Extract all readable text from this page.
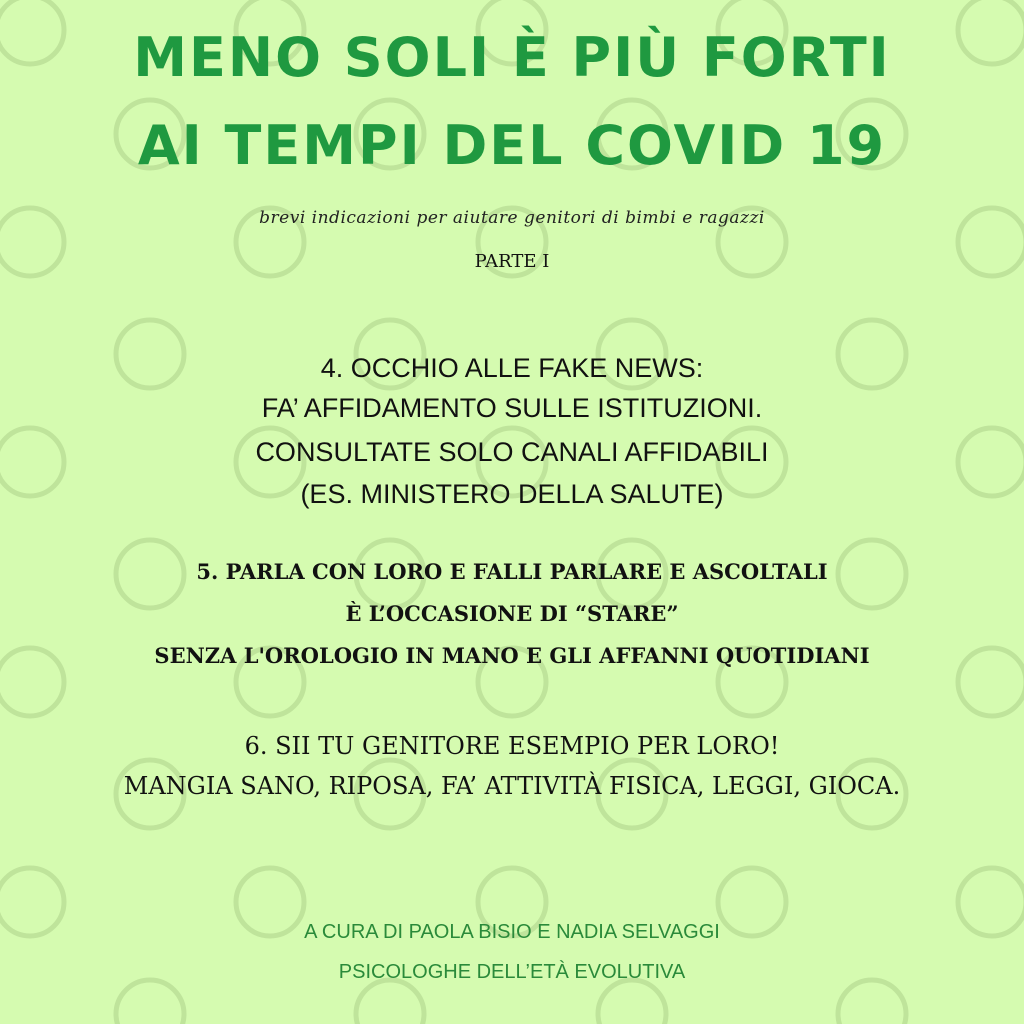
MENO SOLI È PIÙ FORTI
AI TEMPI DEL COVID 19
brevi indicazioni per aiutare genitori di bimbi e ragazzi
PARTE I
4. OCCHIO ALLE FAKE NEWS:
FA’ AFFIDAMENTO SULLE ISTITUZIONI.
CONSULTATE SOLO CANALI AFFIDABILI
(ES. MINISTERO DELLA SALUTE)
5. PARLA CON LORO E FALLI PARLARE E ASCOLTALI
È L’OCCASIONE DI “STARE”
SENZA L'OROLOGIO IN MANO E GLI AFFANNI QUOTIDIANI
6. SII TU GENITORE ESEMPIO PER LORO!
MANGIA SANO, RIPOSA, FA’ ATTIVITÀ FISICA, LEGGI, GIOCA.
A CURA DI PAOLA BISIO E NADIA SELVAGGI
PSICOLOGHE DELL’ETÀ EVOLUTIVA
